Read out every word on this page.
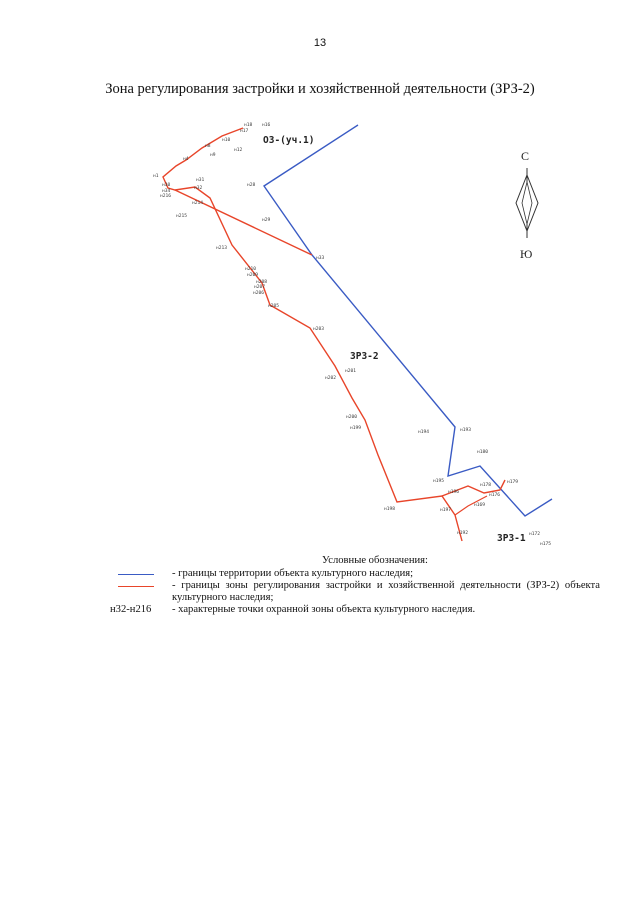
13
Зона регулирования застройки и хозяйственной деятельности (ЗРЗ-2)
н18 н16
н17
н10
н8
н9
н12
н4
н1
н30
н34
н216
н31
н32
н28
н214
н215
н29
н213
н33
н210
н209
н208
н207
н206
н205
н203
н201
н202
н200
н199
н194	н193
н180
н195
н178
н179
н196
н176
н169
н197
н198
н192	н172
н175
ОЗ-(уч.1)
ЗРЗ-2
ЗРЗ-1
С
Ю
Условные обозначения:
- границы территории объекта культурного наследия;
- границы зоны регулирования застройки и хозяйственной деятельности (ЗРЗ-2) объекта культурного наследия;
н32-н216	- характерные точки охранной зоны объекта культурного наследия.
